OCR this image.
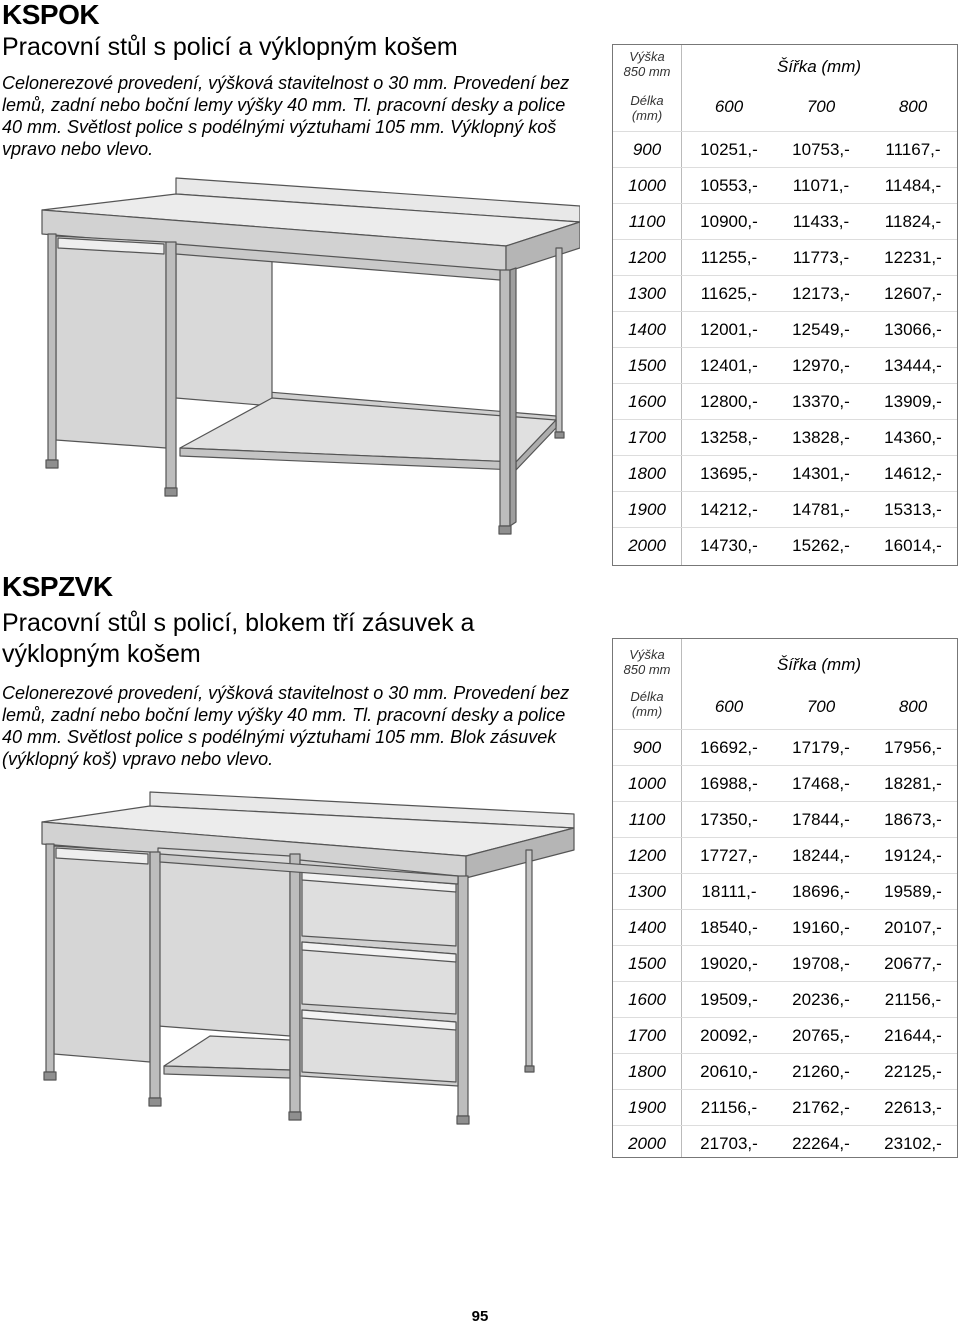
KSPOK
Pracovní stůl s policí a výklopným košem
Celonerezové provedení, výšková stavitelnost o 30 mm. Provedení bez
lemů, zadní nebo boční lemy výšky 40 mm. Tl. pracovní desky a police
40 mm. Světlost police s podélnými výztuhami 105 mm. Výklopný koš
vpravo nebo vlevo.
Výška
850 mm
Délka
(mm)
Šířka (mm)
600	700	800
900	10251,-	10753,-	11167,-
1000	10553,-	11071,-	11484,-
1100	10900,-	11433,-	11824,-
1200	11255,-	11773,-	12231,-
1300	11625,-	12173,-	12607,-
1400	12001,-	12549,-	13066,-
1500	12401,-	12970,-	13444,-
1600	12800,-	13370,-	13909,-
1700	13258,-	13828,-	14360,-
1800	13695,-	14301,-	14612,-
1900	14212,-	14781,-	15313,-
2000	14730,-	15262,-	16014,-
KSPZVK
Pracovní stůl s policí, blokem tří zásuvek a
výklopným košem
Celonerezové provedení, výšková stavitelnost o 30 mm. Provedení bez
lemů, zadní nebo boční lemy výšky 40 mm. Tl. pracovní desky a police
40 mm. Světlost police s podélnými výztuhami 105 mm. Blok zásuvek
(výklopný koš) vpravo nebo vlevo.
Výška
850 mm
Délka
(mm)
Šířka (mm)
600	700	800
900	16692,-	17179,-	17956,-
1000	16988,-	17468,-	18281,-
1100	17350,-	17844,-	18673,-
1200	17727,-	18244,-	19124,-
1300	18111,-	18696,-	19589,-
1400	18540,-	19160,-	20107,-
1500	19020,-	19708,-	20677,-
1600	19509,-	20236,-	21156,-
1700	20092,-	20765,-	21644,-
1800	20610,-	21260,-	22125,-
1900	21156,-	21762,-	22613,-
2000	21703,-	22264,-	23102,-
95
